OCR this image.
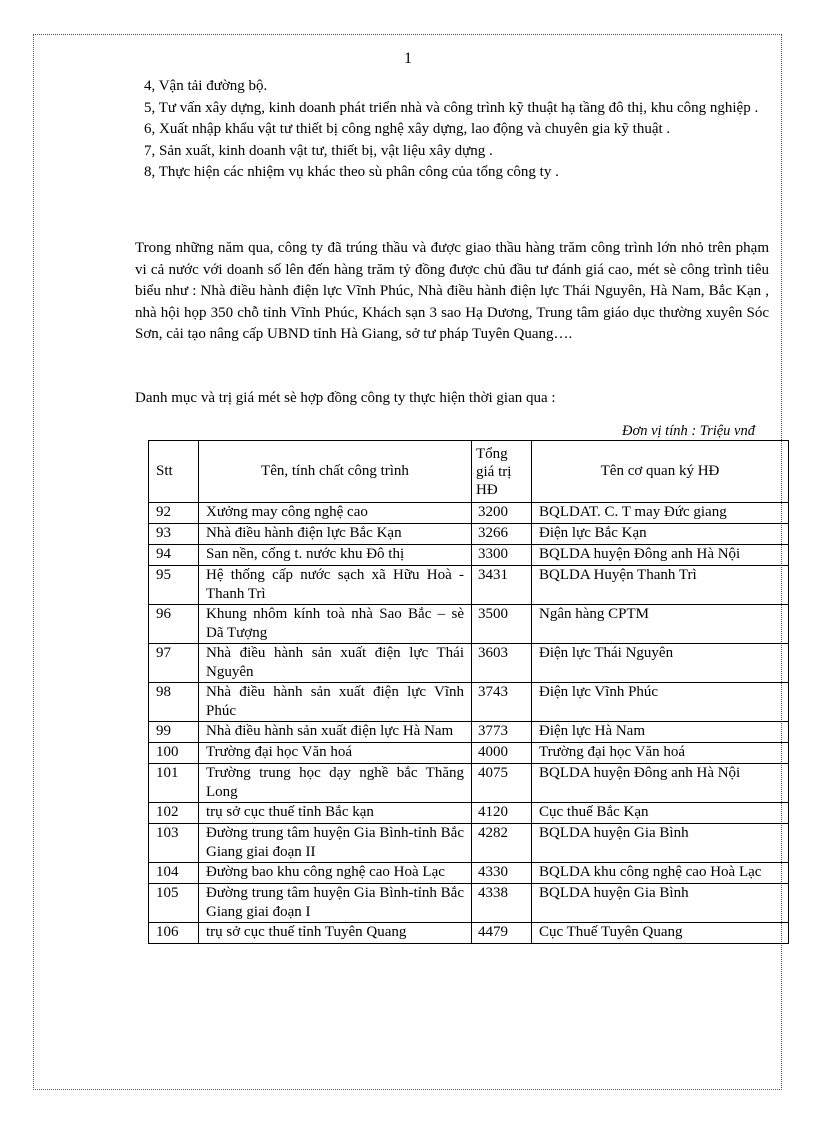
1

4, Vận tải đường bộ.

5, Tư vấn xây dựng, kinh doanh phát triển nhà và công trình kỹ thuật hạ tầng đô thị, khu công nghiệp .

6, Xuất nhập khẩu vật tư thiết bị công nghệ xây dựng, lao động và chuyên gia kỹ thuật .

7, Sản xuất, kinh doanh vật tư, thiết bị, vật liệu xây dựng .

8, Thực hiện các nhiệm vụ khác theo sù phân công của tổng công ty .

Trong những năm qua, công ty đã trúng thầu và được giao thầu hàng trăm công trình lớn nhỏ trên phạm vi cả nước với doanh số lên đến hàng trăm tỷ đồng được chủ đầu tư đánh giá cao, mét sè công trình tiêu biểu như : Nhà điều hành điện lực Vĩnh Phúc, Nhà điều hành điện lực Thái Nguyên, Hà Nam, Bắc Kạn , nhà hội họp 350 chỗ tỉnh Vĩnh Phúc, Khách sạn 3 sao Hạ Dương, Trung tâm giáo dục thường xuyên Sóc Sơn, cải tạo nâng cấp UBND tỉnh Hà Giang, sở tư pháp Tuyên Quang….

Danh mục và trị giá mét sè hợp đồng công ty thực hiện thời gian qua :

Đơn vị tính : Triệu vnđ
Stt	Tên, tính chất công trình	Tổng giá trị HĐ	Tên cơ quan ký HĐ
92	Xưởng may công nghệ cao	3200	BQLDAT. C. T may Đức giang
93	Nhà điều hành điện lực Bắc Kạn	3266	Điện lực Bắc Kạn
94	San nền, cống t. nước khu Đô thị	3300	BQLDA huyện Đông anh Hà Nội
95	Hệ thống cấp nước sạch xã Hữu Hoà - Thanh Trì	3431	BQLDA Huyện Thanh Trì
96	Khung nhôm kính toà nhà Sao Bắc – sè Dã Tượng	3500	Ngân hàng CPTM
97	Nhà điều hành sản xuất điện lực Thái Nguyên	3603	Điện lực Thái Nguyên
98	Nhà điều hành sản xuất điện lực Vĩnh Phúc	3743	Điện lực Vĩnh Phúc
99	Nhà điều hành sản xuất điện lực Hà Nam	3773	Điện lực Hà Nam
100	Trường đại học Văn hoá	4000	Trường đại học Văn hoá
101	Trường trung học dạy nghề bắc Thăng Long	4075	BQLDA huyện Đông anh Hà Nội
102	trụ sở cục thuế tỉnh Bắc kạn	4120	Cục thuế Bắc Kạn
103	Đường trung tâm huyện Gia Bình-tỉnh Bắc Giang giai đoạn II	4282	BQLDA huyện Gia Bình
104	Đường bao khu công nghệ cao Hoà Lạc	4330	BQLDA khu công nghệ cao Hoà Lạc
105	Đường trung tâm huyện Gia Bình-tỉnh Bắc Giang giai đoạn I	4338	BQLDA huyện Gia Bình
106	trụ sở cục thuế tỉnh Tuyên Quang	4479	Cục Thuế Tuyên Quang
